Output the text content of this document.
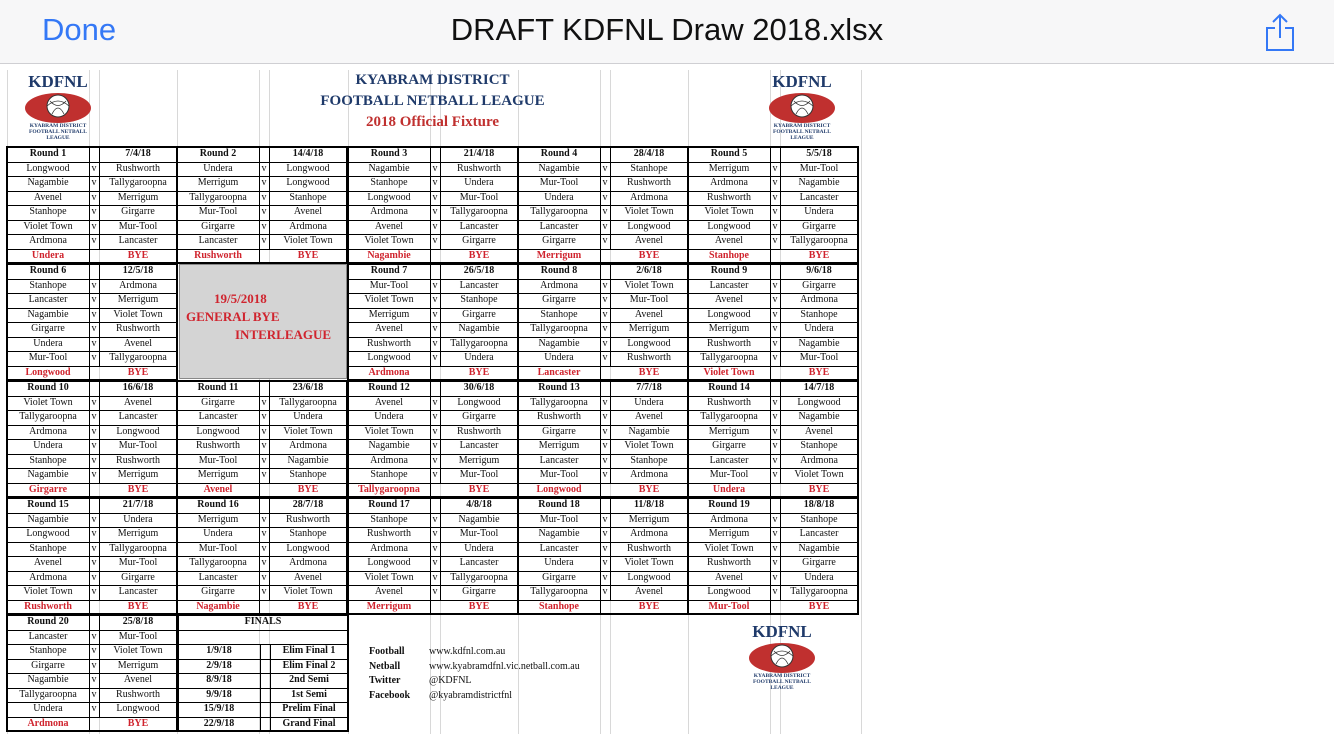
Done	DRAFT KDFNL Draw 2018.xlsx
KDFNL
KYABRAM DISTRICT
FOOTBALL NETBALL
LEAGUE
KDFNL
KYABRAM DISTRICT
FOOTBALL NETBALL
LEAGUE
KYABRAM DISTRICT
FOOTBALL NETBALL LEAGUE
2018 Official Fixture
Round 1	7/4/18
Longwood	v	Rushworth
Nagambie	v	Tallygaroopna
Avenel	v	Merrigum
Stanhope	v	Girgarre
Violet Town	v	Mur-Tool
Ardmona	v	Lancaster
Undera	BYE
Round 2	14/4/18
Undera	v	Longwood
Merrigum	v	Longwood
Tallygaroopna	v	Stanhope
Mur-Tool	v	Avenel
Girgarre	v	Ardmona
Lancaster	v	Violet Town
Rushworth	BYE
Round 3	21/4/18
Nagambie	v	Rushworth
Stanhope	v	Undera
Longwood	v	Mur-Tool
Ardmona	v	Tallygaroopna
Avenel	v	Lancaster
Violet Town	v	Girgarre
Nagambie	BYE
Round 4	28/4/18
Nagambie	v	Stanhope
Mur-Tool	v	Rushworth
Undera	v	Ardmona
Tallygaroopna	v	Violet Town
Lancaster	v	Longwood
Girgarre	v	Avenel
Merrigum	BYE
Round 5	5/5/18
Merrigum	v	Mur-Tool
Ardmona	v	Nagambie
Rushworth	v	Lancaster
Violet Town	v	Undera
Longwood	v	Girgarre
Avenel	v	Tallygaroopna
Stanhope	BYE
Round 6	12/5/18
Stanhope	v	Ardmona
Lancaster	v	Merrigum
Nagambie	v	Violet Town
Girgarre	v	Rushworth
Undera	v	Avenel
Mur-Tool	v	Tallygaroopna
Longwood	BYE
Round 7	26/5/18
Mur-Tool	v	Lancaster
Violet Town	v	Stanhope
Merrigum	v	Girgarre
Avenel	v	Nagambie
Rushworth	v	Tallygaroopna
Longwood	v	Undera
Ardmona	BYE
Round 8	2/6/18
Ardmona	v	Violet Town
Girgarre	v	Mur-Tool
Stanhope	v	Avenel
Tallygaroopna	v	Merrigum
Nagambie	v	Longwood
Undera	v	Rushworth
Lancaster	BYE
Round 9	9/6/18
Lancaster	v	Girgarre
Avenel	v	Ardmona
Longwood	v	Stanhope
Merrigum	v	Undera
Rushworth	v	Nagambie
Tallygaroopna	v	Mur-Tool
Violet Town	BYE
Round 10	16/6/18
Violet Town	v	Avenel
Tallygaroopna	v	Lancaster
Ardmona	v	Longwood
Undera	v	Mur-Tool
Stanhope	v	Rushworth
Nagambie	v	Merrigum
Girgarre	BYE
Round 11	23/6/18
Girgarre	v	Tallygaroopna
Lancaster	v	Undera
Longwood	v	Violet Town
Rushworth	v	Ardmona
Mur-Tool	v	Nagambie
Merrigum	v	Stanhope
Avenel	BYE
Round 12	30/6/18
Avenel	v	Longwood
Undera	v	Girgarre
Violet Town	v	Rushworth
Nagambie	v	Lancaster
Ardmona	v	Merrigum
Stanhope	v	Mur-Tool
Tallygaroopna	BYE
Round 13	7/7/18
Tallygaroopna	v	Undera
Rushworth	v	Avenel
Girgarre	v	Nagambie
Merrigum	v	Violet Town
Lancaster	v	Stanhope
Mur-Tool	v	Ardmona
Longwood	BYE
Round 14	14/7/18
Rushworth	v	Longwood
Tallygaroopna	v	Nagambie
Merrigum	v	Avenel
Girgarre	v	Stanhope
Lancaster	v	Ardmona
Mur-Tool	v	Violet Town
Undera	BYE
Round 15	21/7/18
Nagambie	v	Undera
Longwood	v	Merrigum
Stanhope	v	Tallygaroopna
Avenel	v	Mur-Tool
Ardmona	v	Girgarre
Violet Town	v	Lancaster
Rushworth	BYE
Round 16	28/7/18
Merrigum	v	Rushworth
Undera	v	Stanhope
Mur-Tool	v	Longwood
Tallygaroopna	v	Ardmona
Lancaster	v	Avenel
Girgarre	v	Violet Town
Nagambie	BYE
Round 17	4/8/18
Stanhope	v	Nagambie
Rushworth	v	Mur-Tool
Ardmona	v	Undera
Longwood	v	Lancaster
Violet Town	v	Tallygaroopna
Avenel	v	Girgarre
Merrigum	BYE
Round 18	11/8/18
Mur-Tool	v	Merrigum
Nagambie	v	Ardmona
Lancaster	v	Rushworth
Undera	v	Violet Town
Girgarre	v	Longwood
Tallygaroopna	v	Avenel
Stanhope	BYE
Round 19	18/8/18
Ardmona	v	Stanhope
Merrigum	v	Lancaster
Violet Town	v	Nagambie
Rushworth	v	Girgarre
Avenel	v	Undera
Longwood	v	Tallygaroopna
Mur-Tool	BYE
Round 20	25/8/18
Lancaster	v	Mur-Tool
Stanhope	v	Violet Town
Girgarre	v	Merrigum
Nagambie	v	Avenel
Tallygaroopna	v	Rushworth
Undera	v	Longwood
Ardmona	BYE
19/5/2018
GENERAL BYE
INTERLEAGUE
FINALS
1/9/18	Elim Final 1
2/9/18	Elim Final 2
8/9/18	2nd Semi
9/9/18	1st Semi
15/9/18	Prelim Final
22/9/18	Grand Final
Football	www.kdfnl.com.au
Netball	www.kyabramdfnl.vic.netball.com.au
Twitter	@KDFNL
Facebook	@kyabramdistrictfnl
KDFNL
KYABRAM DISTRICT
FOOTBALL NETBALL
LEAGUE
